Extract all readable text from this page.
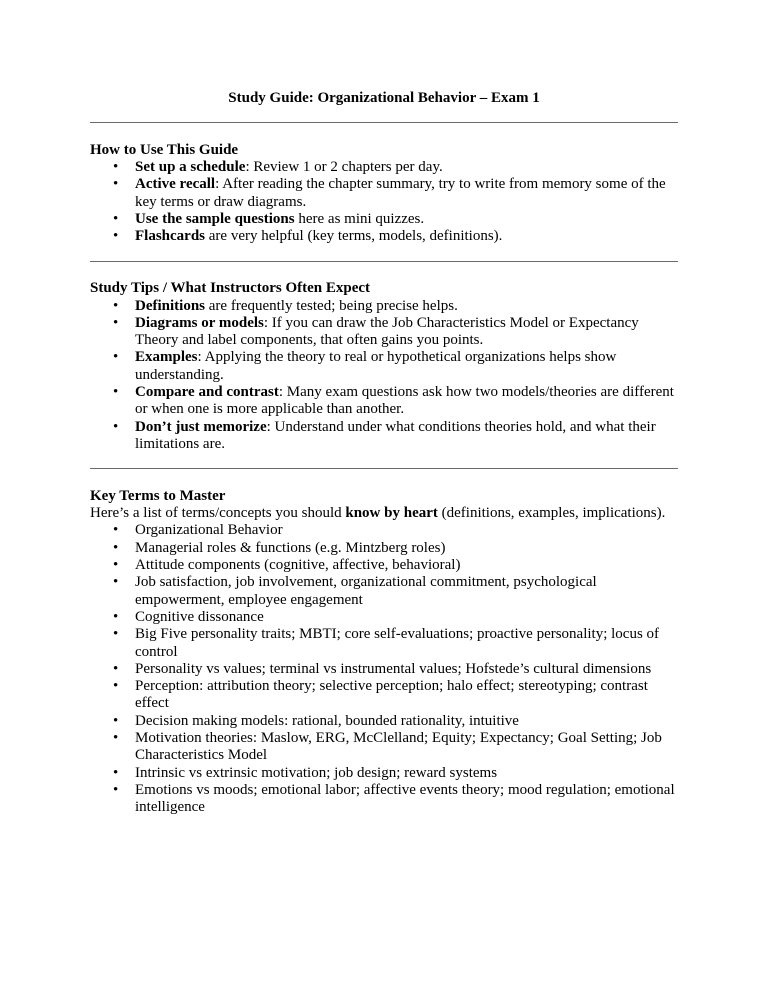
Study Guide: Organizational Behavior – Exam 1
How to Use This Guide
• Set up a schedule: Review 1 or 2 chapters per day.
• Active recall: After reading the chapter summary, try to write from memory some of the key terms or draw diagrams.
• Use the sample questions here as mini quizzes.
• Flashcards are very helpful (key terms, models, definitions).
Study Tips / What Instructors Often Expect
• Definitions are frequently tested; being precise helps.
• Diagrams or models: If you can draw the Job Characteristics Model or Expectancy Theory and label components, that often gains you points.
• Examples: Applying the theory to real or hypothetical organizations helps show understanding.
• Compare and contrast: Many exam questions ask how two models/theories are different or when one is more applicable than another.
• Don’t just memorize: Understand under what conditions theories hold, and what their limitations are.
Key Terms to Master
Here’s a list of terms/concepts you should know by heart (definitions, examples, implications).
• Organizational Behavior
• Managerial roles & functions (e.g. Mintzberg roles)
• Attitude components (cognitive, affective, behavioral)
• Job satisfaction, job involvement, organizational commitment, psychological empowerment, employee engagement
• Cognitive dissonance
• Big Five personality traits; MBTI; core self-evaluations; proactive personality; locus of control
• Personality vs values; terminal vs instrumental values; Hofstede’s cultural dimensions
• Perception: attribution theory; selective perception; halo effect; stereotyping; contrast effect
• Decision making models: rational, bounded rationality, intuitive
• Motivation theories: Maslow, ERG, McClelland; Equity; Expectancy; Goal Setting; Job Characteristics Model
• Intrinsic vs extrinsic motivation; job design; reward systems
• Emotions vs moods; emotional labor; affective events theory; mood regulation; emotional intelligence
